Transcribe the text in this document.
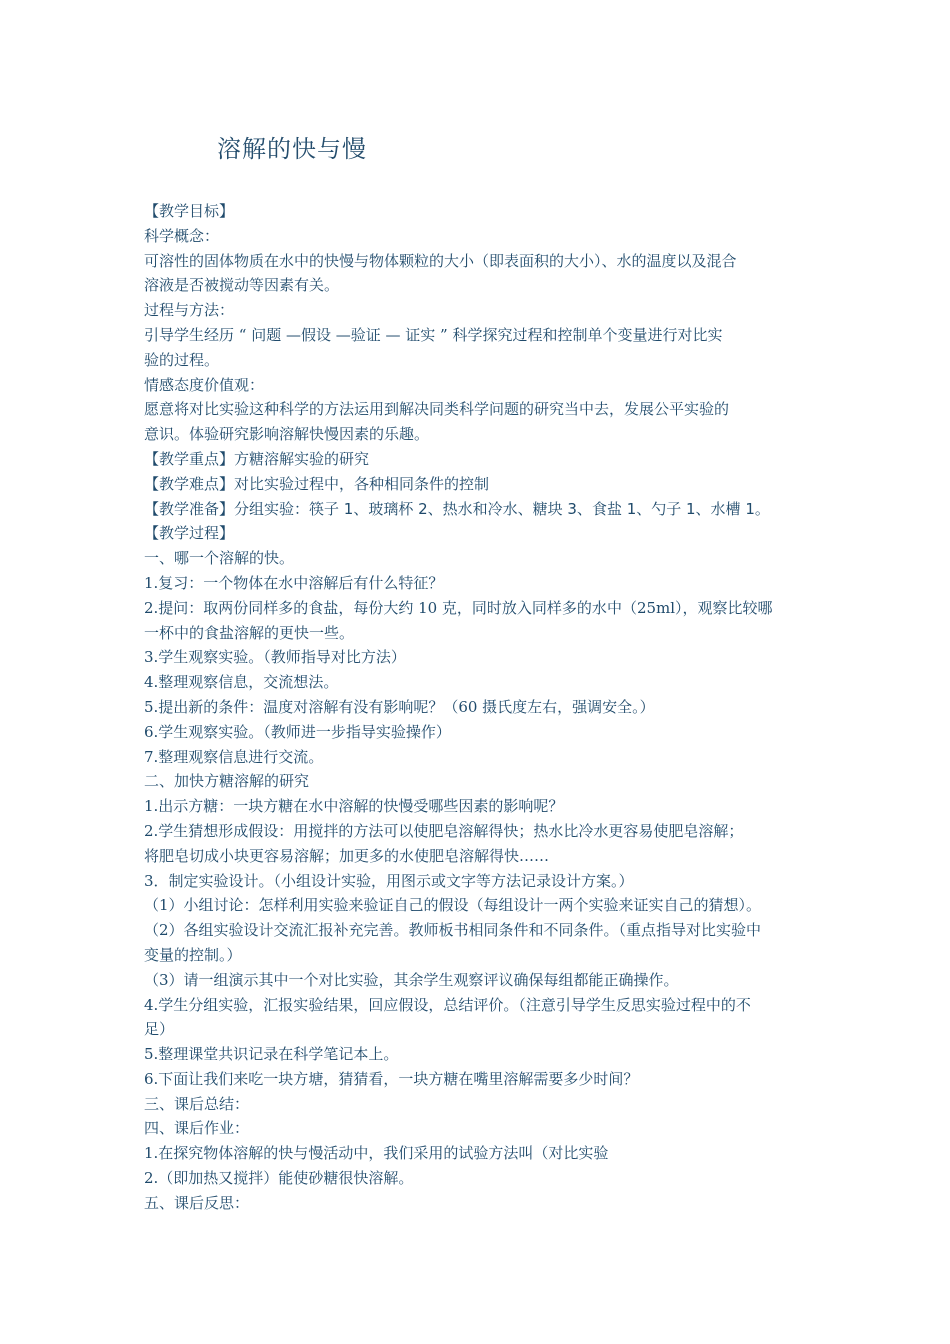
溶解的快与慢
【教学目标】
科学概念：
可溶性的固体物质在水中的快慢与物体颗粒的大小（即表面积的大小）、水的温度以及混合
溶液是否被搅动等因素有关。
过程与方法：
引导学生经历 “ 问题 —假设 —验证 — 证实 ” 科学探究过程和控制单个变量进行对比实
验的过程。
情感态度价值观：
愿意将对比实验这种科学的方法运用到解决同类科学问题的研究当中去，发展公平实验的
意识。体验研究影响溶解快慢因素的乐趣。
【教学重点】方糖溶解实验的研究
【教学难点】对比实验过程中，各种相同条件的控制
【教学准备】分组实验：筷子 1、玻璃杯 2、热水和冷水、糖块 3、食盐 1、勺子 1、水槽 1。
【教学过程】
一、哪一个溶解的快。
1.复习：一个物体在水中溶解后有什么特征？
2.提问：取两份同样多的食盐，每份大约 10 克，同时放入同样多的水中（25ml），观察比较哪
一杯中的食盐溶解的更快一些。
3.学生观察实验。（教师指导对比方法）
4.整理观察信息，交流想法。
5.提出新的条件：温度对溶解有没有影响呢？（60 摄氏度左右，强调安全。）
6.学生观察实验。（教师进一步指导实验操作）
7.整理观察信息进行交流。
二、加快方糖溶解的研究
1.出示方糖：一块方糖在水中溶解的快慢受哪些因素的影响呢？
2.学生猜想形成假设：用搅拌的方法可以使肥皂溶解得快；热水比冷水更容易使肥皂溶解；
将肥皂切成小块更容易溶解；加更多的水使肥皂溶解得快……
3．制定实验设计。（小组设计实验，用图示或文字等方法记录设计方案。）
（1）小组讨论：怎样利用实验来验证自己的假设（每组设计一两个实验来证实自己的猜想）。
（2）各组实验设计交流汇报补充完善。教师板书相同条件和不同条件。（重点指导对比实验中
变量的控制。）
（3）请一组演示其中一个对比实验，其余学生观察评议确保每组都能正确操作。
4.学生分组实验，汇报实验结果，回应假设，总结评价。（注意引导学生反思实验过程中的不
足）
5.整理课堂共识记录在科学笔记本上。
6.下面让我们来吃一块方塘，猜猜看，一块方糖在嘴里溶解需要多少时间？
三、课后总结：
四、课后作业：
1.在探究物体溶解的快与慢活动中，我们采用的试验方法叫（对比实验
2.（即加热又搅拌）能使砂糖很快溶解。
五、课后反思：
